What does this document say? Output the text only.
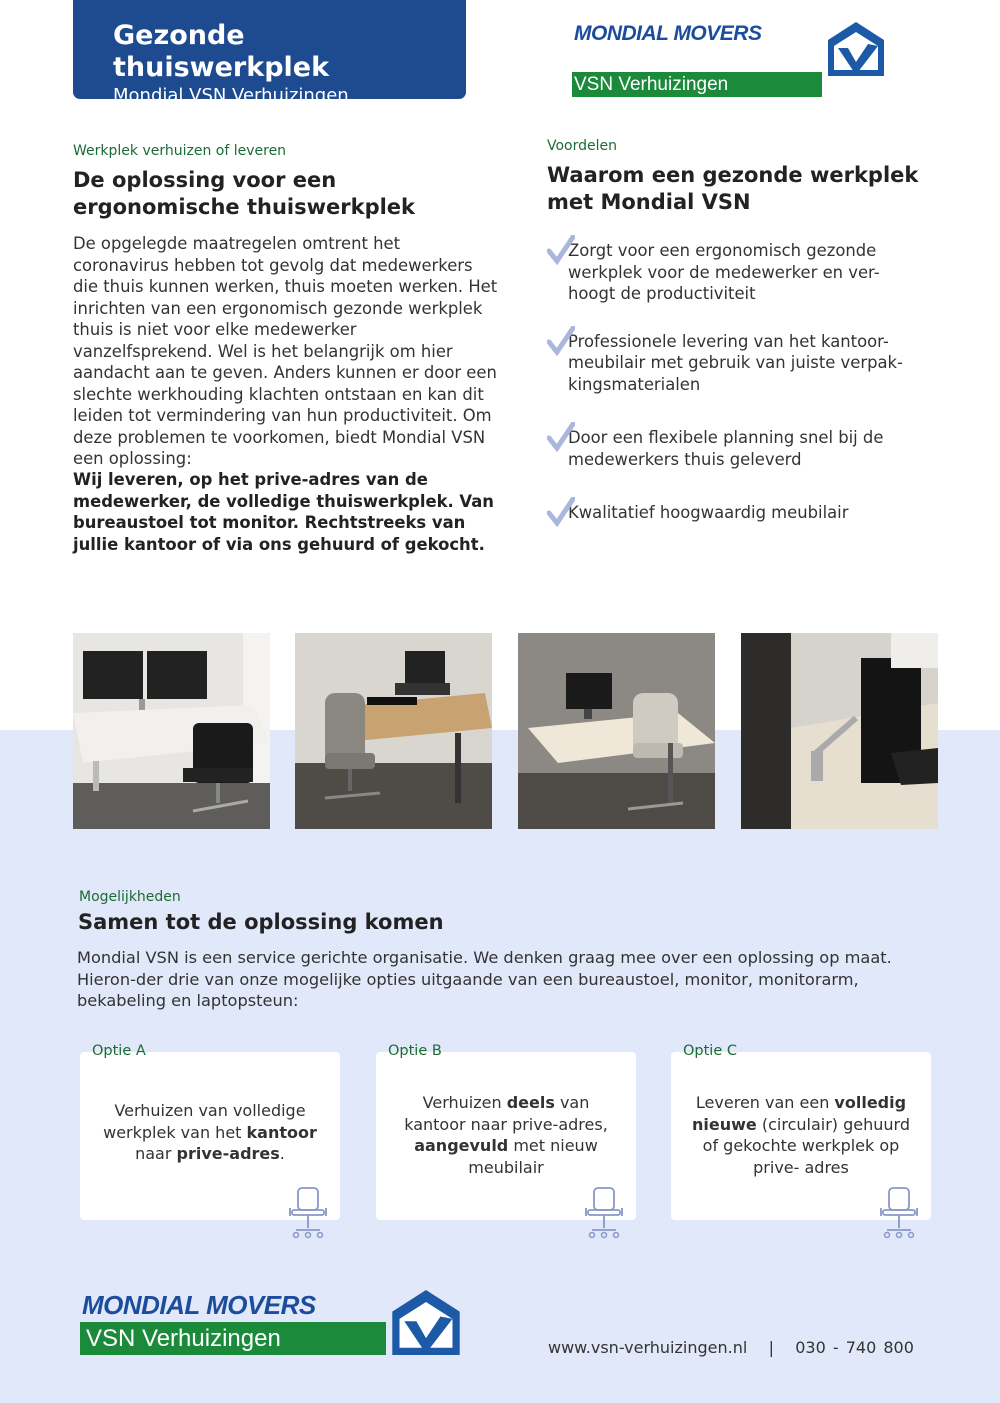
Gezonde thuiswerkplek
Mondial VSN Verhuizingen
MONDIAL MOVERS
VSN Verhuizingen
Werkplek verhuizen of leveren
De oplossing voor een
ergonomische thuiswerkplek
De opgelegde maatregelen omtrent het coronavirus hebben tot gevolg dat medewerkers die thuis kunnen werken, thuis moeten werken. Het inrichten van een ergonomisch gezonde werkplek thuis is niet voor elke medewerker vanzelfsprekend. Wel is het belangrijk om hier aandacht aan te geven. Anders kunnen er door een slechte werkhouding klachten ontstaan en kan dit leiden tot vermindering van hun productiviteit. Om deze problemen te voorkomen, biedt Mondial VSN een oplossing:
Wij leveren, op het prive-adres van de medewerker, de volledige thuiswerkplek. Van bureaustoel tot monitor. Rechtstreeks van jullie kantoor of via ons gehuurd of gekocht.
Voordelen
Waarom een gezonde werkplek
met Mondial VSN
Zorgt voor een ergonomisch gezonde werkplek voor de medewerker en ver-hoogt de productiviteit
Professionele levering van het kantoor-meubilair met gebruik van juiste verpak-kingsmaterialen
Door een flexibele planning snel bij de medewerkers thuis geleverd
Kwalitatief hoogwaardig meubilair
Mogelijkheden
Samen tot de oplossing komen
Mondial VSN is een service gerichte organisatie. We denken graag mee over een oplossing op maat. Hieron-der drie van onze mogelijke opties uitgaande van een bureaustoel, monitor, monitorarm, bekabeling en laptopsteun:
Optie A
Verhuizen van volledige werkplek van het kantoor naar prive-adres.
Optie B
Verhuizen deels van kantoor naar prive-adres, aangevuld met nieuw meubilair
Optie C
Leveren van een volledig nieuwe (circulair) gehuurd of gekochte werkplek op prive- adres
MONDIAL MOVERS
VSN Verhuizingen	www.vsn-verhuizingen.nl | 030 - 740 800
